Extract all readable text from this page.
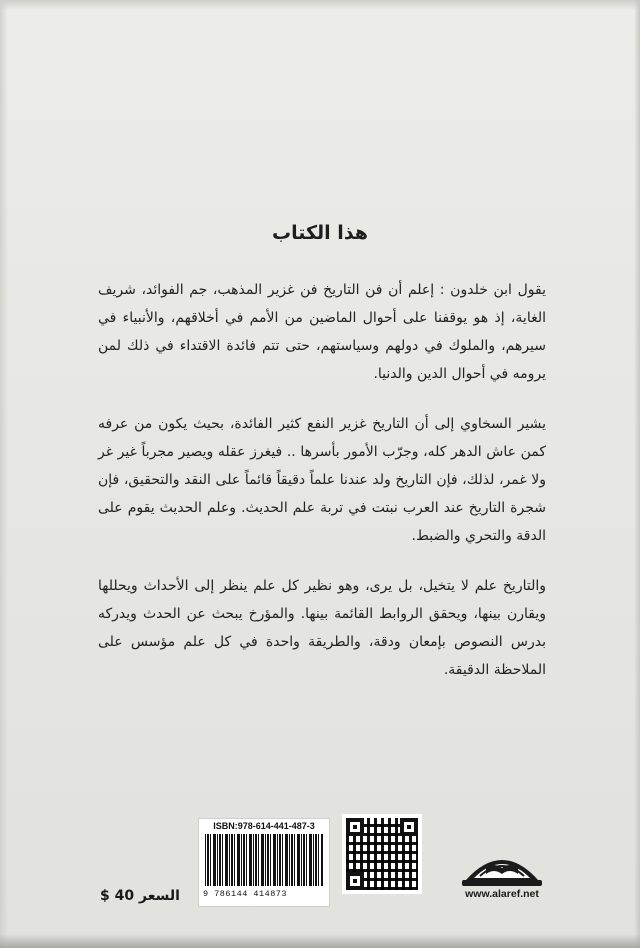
هذا الكتاب

يقول ابن خلدون : إعلم أن فن التاريخ فن غزير المذهب، جم الفوائد، شريف الغاية، إذ هو يوقفنا على أحوال الماضين من الأمم في أخلاقهم، والأنبياء في سيرهم، والملوك في دولهم وسياستهم، حتى تتم فائدة الاقتداء في ذلك لمن يرومه في أحوال الدين والدنيا.

يشير السخاوي إلى أن التاريخ غزير النفع كثير الفائدة، بحيث يكون من عرفه كمن عاش الدهر كله، وجرّب الأمور بأسرها .. فيغرز عقله ويصير مجرباً غير غر ولا غمر، لذلك، فإن التاريخ ولد عندنا علماً دقيقاً قائماً على النقد والتحقيق، فإن شجرة التاريخ عند العرب نبتت في تربة علم الحديث. وعلم الحديث يقوم على الدقة والتحري والضبط.

والتاريخ علم لا يتخيل، بل يرى، وهو نظير كل علم ينظر إلى الأحداث ويحللها ويقارن بينها، ويحقق الروابط القائمة بينها. والمؤرخ يبحث عن الحدث ويدركه بدرس النصوص بإمعان ودقة، والطريقة واحدة في كل علم مؤسس على الملاحظة الدقيقة.

ISBN:978-614-441-487-3
9 786144 414873	www.alaref.net
السعر 40 $
